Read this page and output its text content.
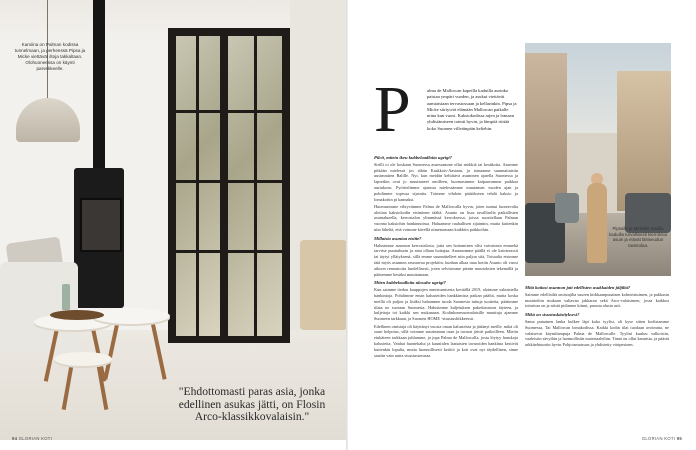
Kamiina on Palman kodissa tunnelmaan, ja perheessä Pipsa ja Micke viettävät iltoja takkaltaan. Olohuoneessa on käynti parvekkeelle.
"Ehdottomasti paras asia, jonka edellinen asukas jätti, on Flosin Arco-klassikkovalaisin."
94 GLORIAN KOTI
P	alma de Mallorcan kapeilla kaduilla aurinko paistaa ympäri vuoden, ja asukut viettävät aamiaistaan tervastossaan ja kellarinkin. Pipsa ja Micke siirtyivät elämään Mallorcan paikalle niina kun vuosi. Kaksiokodissa arjen ja lomaan yhdistämiseen toimii hyvin, ja lämpöä riittää koko Suomen villeäinpäin keliehin.
Pilcit, mitein ikeu kubbeloadloita ugeigi?

Strilli oi ole koskaan Suomessa asuessamme ollut mökkiä tai kesäkotia. Asumme pitkään mielessä jos tähän Kaakkois-Aasiaan, ja toinaanne suunnattaisiin uusimmiten Balille. Nyt, kun meidän kehittävä asuminen ajatella Suomessa ja lapsetkin ovat jo muuttaneet omilleen, huomasimme kaipaavamme paikkaa aurinkoon. Pyöritelimme ajatusta mielessämme muutaman vuoden ajan ja pohdimme sopivaa sijaintia. Toimme vihdoin päätökseen tehdä kaksio ja lomakotiin pi kannaksi.

Huomasimme vihtyvämme Palma de Mallorcalla hyvin, joten tunnui luontevalta aloittaa kaksiokodin etsiminen täältä. Asunto on lisas tavallisella paikallisten asuinalueella, kerrostalon ylimmässä kerroksessa, joissa suositellaan Palman vuonna kaksiohin hankinnoissa. Haluamme rauhallisen sijainnin, mutta kuitenkin niin läheltä, että voimme kävellä nimenomaan kaikkiin paikkoihin.

Millaisia asuntoa etsitte?

Halusimme asunnon kerrostalosta, jotta sen hoitaminen olisi vaivatonta emmekä tarvitse puutarhurin ja aina ollaan hoitajaa. Asunnomme päällä ei ole katoterassit tai täytyi yllätyksenä, sillä emme suunnittelleet niin paljon sitä, Toisaalta etsimme tätä myös asunnon seuraavaa projektiin, kunhan alkaa tuaa kotiin Asunto oli vuosi aikoon remontoitu huolellisesti, joten selvisimme pienin muutoksien tekemällä ja pääsemme kesäksi muuttamaan.

Miten kubbeloadloita ulosuhe ugeigi?

Kun saimme tiedon kauppojen onnistumisesta keväällä 2019, aloimme valmistella hankintoja. Pohdimme ensin kalusteiden hankkimista paikan päältä, mutta koska meillä oli paljon ja lisäksi haluamme tuoda Suomesta tuttuja tuotteita, päätimme tilata ne suoraan Suomesta. Halusimme kuljetuksen pakettiautoon täyteen, ja kuljettaja toi kaikki sen mukanaan. Kodinkonesuomalaisille muuttuja ajamme Suomeen tarkkaan, ja Suomen HOME -sisustusliikkeessä.

Edellinen omistaja oli käyttänyt vuosia oman kalusteista ja jättänyt meille, mikä oli suuri helpotus, sillä voimme suurimman osan ja tavarat jäivät paikoilleen. Mietin etukäteen tarkkaan juhlamme, ja jopa Palma de Mallorcalla, josta löytyy hauskoja kalusteita. Vanhat huonekalut ja kauniiden laatuisten tavaroiden hankinta kestivät kuitenkin lopulta, mutta luonnollisesti keittiö ja koti ovat nyt täydellinen, sinne saatiin vain uutta sisustustavaraa.

Mitä kotiasi asunnon jatt edellisten asukkaiden jäljiltä?

Saimme edellisiltä omistajilta suuren kirkkaanpunaisen kolmeistuimen, ja pakkasin muuttoihin mukaan valtavan jakkaran sekä Arco-valaisimen, jossa kaikkea toimivaa on ja niistä pidimme kiinni, parasta alusta asti.

Mikä on sisustuskäsityksesi?

Sama punainen lanka kulkee läpi koko tyylisi, oli kyse sitten kodistamme Suomessa, Tai Mallorcan lomakodissa. Kaikki kodin tilat tuodaan avoimina, ne valaisevat käyntilampuja Palma de Mallorcalle. Tyylini kuuluu valkoisiin, vaaleisiin sävyihin ja luonnollisiin materiaaleihin. Tämä on ollut kaunista, ja päästä arkkitehtuuriin hyvin Pohjoismaisuus ja yhdistetty väripesinen.

Pipsalle ja Mickelle tutuilla kaduilla turvallisesti kierroksia asuin ja elävät lähiseudun ravintolaa.
GLORIAN KOTI 95
